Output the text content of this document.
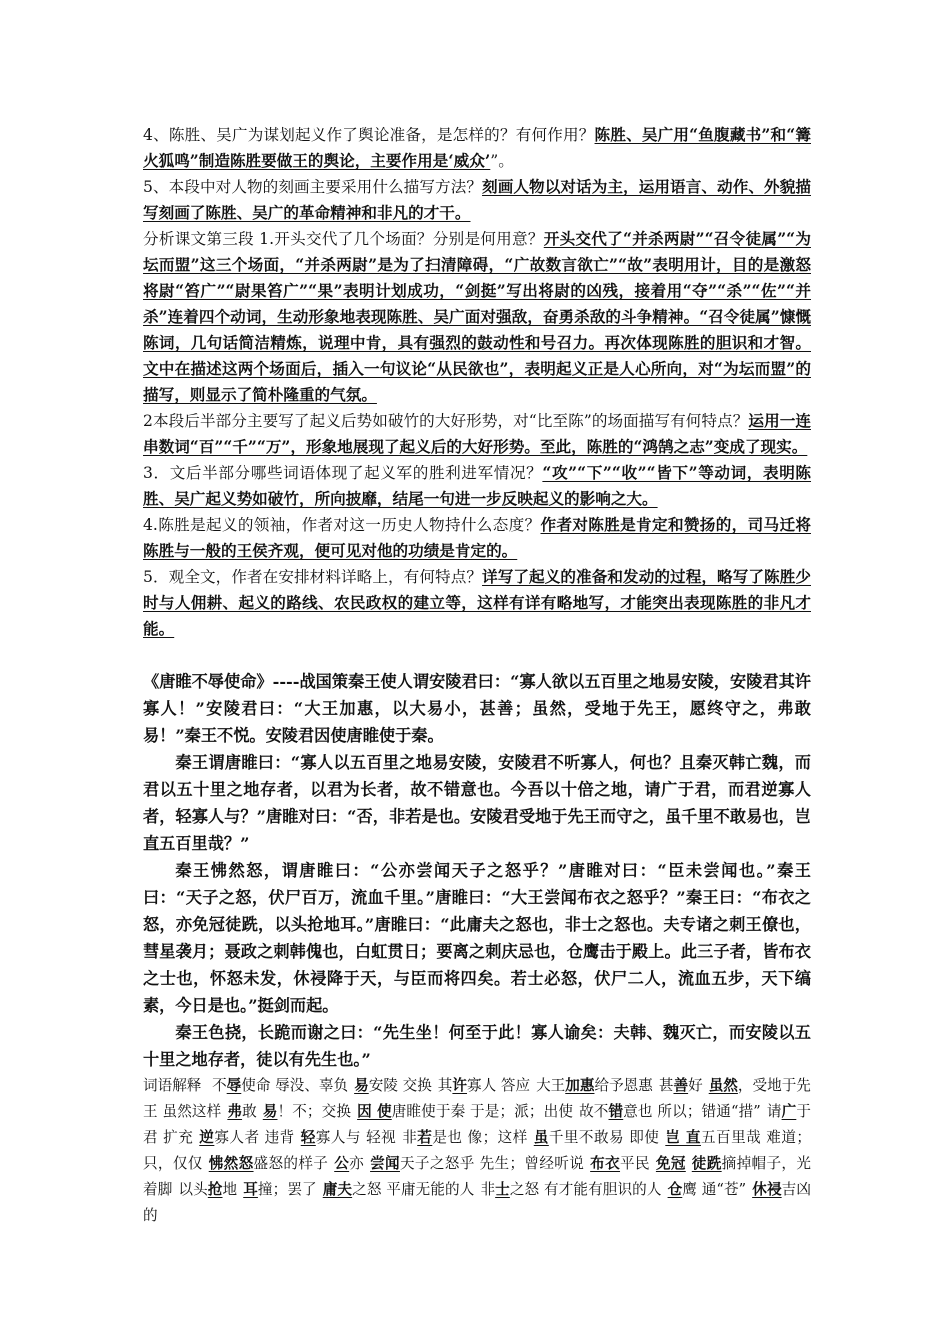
4、陈胜、吴广为谋划起义作了舆论准备，是怎样的？有何作用？陈胜、吴广用“鱼腹藏书”和“篝火狐鸣”制造陈胜要做王的舆论，主要作用是‘威众’”。

5、本段中对人物的刻画主要采用什么描写方法？刻画人物以对话为主，运用语言、动作、外貌描写刻画了陈胜、吴广的革命精神和非凡的才干。

分析课文第三段 1.开头交代了几个场面？分别是何用意？开头交代了“并杀两尉”“召令徒属”“为坛而盟”这三个场面，“并杀两尉”是为了扫清障碍，“广故数言欲亡”“故”表明用计，目的是激怒将尉“笞广”“尉果笞广”“果”表明计划成功，“剑挺”写出将尉的凶残，接着用“夺”“杀”“佐”“并杀”连着四个动词，生动形象地表现陈胜、吴广面对强敌，奋勇杀敌的斗争精神。“召令徒属”慷慨陈词，几句话简洁精炼，说理中肯，具有强烈的鼓动性和号召力。再次体现陈胜的胆识和才智。文中在描述这两个场面后，插入一句议论“从民欲也”，表明起义正是人心所向，对“为坛而盟”的描写，则显示了简朴隆重的气氛。

2本段后半部分主要写了起义后势如破竹的大好形势，对“比至陈”的场面描写有何特点？运用一连串数词“百”“千”“万”，形象地展现了起义后的大好形势。至此，陈胜的“鸿鹄之志”变成了现实。

3．文后半部分哪些词语体现了起义军的胜利进军情况？“攻”“下”“收”“皆下”等动词，表明陈胜、吴广起义势如破竹，所向披靡，结尾一句进一步反映起义的影响之大。

4.陈胜是起义的领袖，作者对这一历史人物持什么态度？作者对陈胜是肯定和赞扬的，司马迁将陈胜与一般的王侯齐观，便可见对他的功绩是肯定的。

5．观全文，作者在安排材料详略上，有何特点？详写了起义的准备和发动的过程，略写了陈胜少时与人佣耕、起义的路线、农民政权的建立等，这样有详有略地写，才能突出表现陈胜的非凡才能。

《唐睢不辱使命》----战国策秦王使人谓安陵君曰：“寡人欲以五百里之地易安陵，安陵君其许寡人！”安陵君曰：“大王加惠，以大易小，甚善；虽然，受地于先王，愿终守之，弗敢易！”秦王不悦。安陵君因使唐睢使于秦。

秦王谓唐睢曰：“寡人以五百里之地易安陵，安陵君不听寡人，何也？且秦灭韩亡魏，而君以五十里之地存者，以君为长者，故不错意也。今吾以十倍之地，请广于君，而君逆寡人者，轻寡人与？”唐睢对曰：“否，非若是也。安陵君受地于先王而守之，虽千里不敢易也，岂直五百里哉？”

秦王怫然怒，谓唐睢曰：“公亦尝闻天子之怒乎？”唐睢对曰：“臣未尝闻也。”秦王曰：“天子之怒，伏尸百万，流血千里。”唐睢曰：“大王尝闻布衣之怒乎？”秦王曰：“布衣之怒，亦免冠徒跣，以头抢地耳。”唐睢曰：“此庸夫之怒也，非士之怒也。夫专诸之刺王僚也，彗星袭月；聂政之刺韩傀也，白虹贯日；要离之刺庆忌也，仓鹰击于殿上。此三子者，皆布衣之士也，怀怒未发，休祲降于天，与臣而将四矣。若士必怒，伏尸二人，流血五步，天下缟素，今日是也。”挺剑而起。

秦王色挠，长跪而谢之曰：“先生坐！何至于此！寡人谕矣：夫韩、魏灭亡，而安陵以五十里之地存者，徒以有先生也。”

词语解释 不辱使命 辱没、辜负 易安陵 交换 其许寡人 答应 大王加惠给予恩惠 甚善好 虽然，受地于先王 虽然这样 弗敢 易！不；交换 因 使唐睢使于秦 于是；派；出使 故不错意也 所以；错通“措” 请广于君 扩充 逆寡人者 违背 轻寡人与 轻视 非若是也 像；这样 虽千里不敢易 即使 岂 直五百里哉 难道；只，仅仅 怫然怒盛怒的样子 公亦 尝闻天子之怒乎 先生；曾经听说 布衣平民 免冠 徒跣摘掉帽子，光着脚 以头抢地 耳撞；罢了 庸夫之怒 平庸无能的人 非士之怒 有才能有胆识的人 仓鹰 通“苍” 休祲吉凶的
